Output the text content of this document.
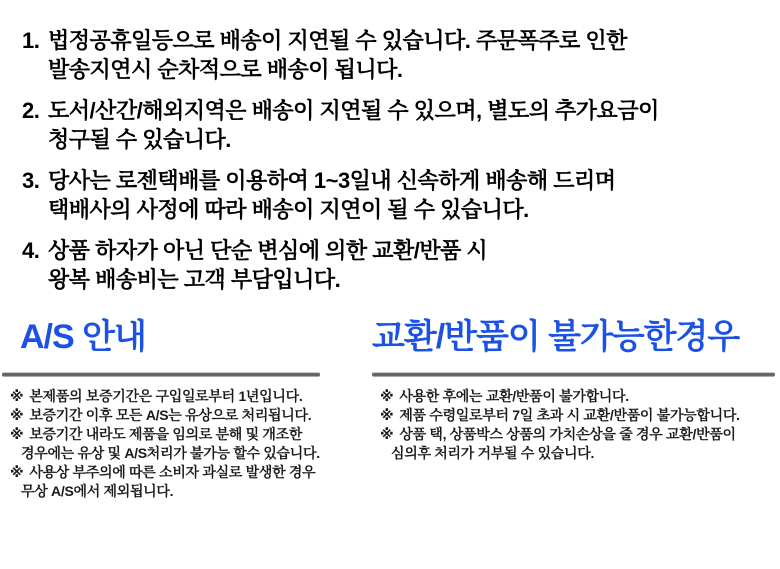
1. 법정공휴일등으로 배송이 지연될 수 있습니다. 주문폭주로 인한
발송지연시 순차적으로 배송이 됩니다.
2. 도서/산간/해외지역은 배송이 지연될 수 있으며, 별도의 추가요금이
청구될 수 있습니다.
3. 당사는 로젠택배를 이용하여 1~3일내 신속하게 배송해 드리며
택배사의 사정에 따라 배송이 지연이 될 수 있습니다.
4. 상품 하자가 아닌 단순 변심에 의한 교환/반품 시
왕복 배송비는 고객 부담입니다.
A/S 안내

※ 본제품의 보증기간은 구입일로부터 1년입니다.

※ 보증기간 이후 모든 A/S는 유상으로 처리됩니다.

※ 보증기간 내라도 제품을 임의로 분해 및 개조한
경우에는 유상 및 A/S처리가 불가능 할수 있습니다.

※ 사용상 부주의에 따른 소비자 과실로 발생한 경우
무상 A/S에서 제외됩니다.

교환/반품이 불가능한경우

※ 사용한 후에는 교환/반품이 불가합니다.

※ 제품 수령일로부터 7일 초과 시 교환/반품이 불가능합니다.

※ 상품 택, 상품박스 상품의 가치손상을 줄 경우 교환/반품이
심의후 처리가 거부될 수 있습니다.
